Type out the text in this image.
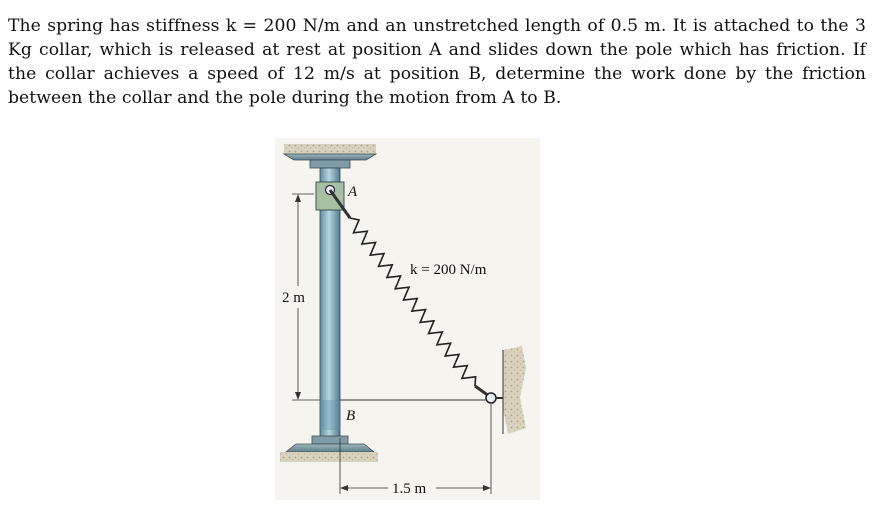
The spring has stiffness k = 200 N/m and an unstretched length of 0.5 m. It is attached to the 3 Kg collar, which is released at rest at position A and slides down the pole which has friction. If the collar achieves a speed of 12 m/s at position B, determine the work done by the friction between the collar and the pole during the motion from A to B.

A
B
k = 200 N/m
2 m
1.5 m
